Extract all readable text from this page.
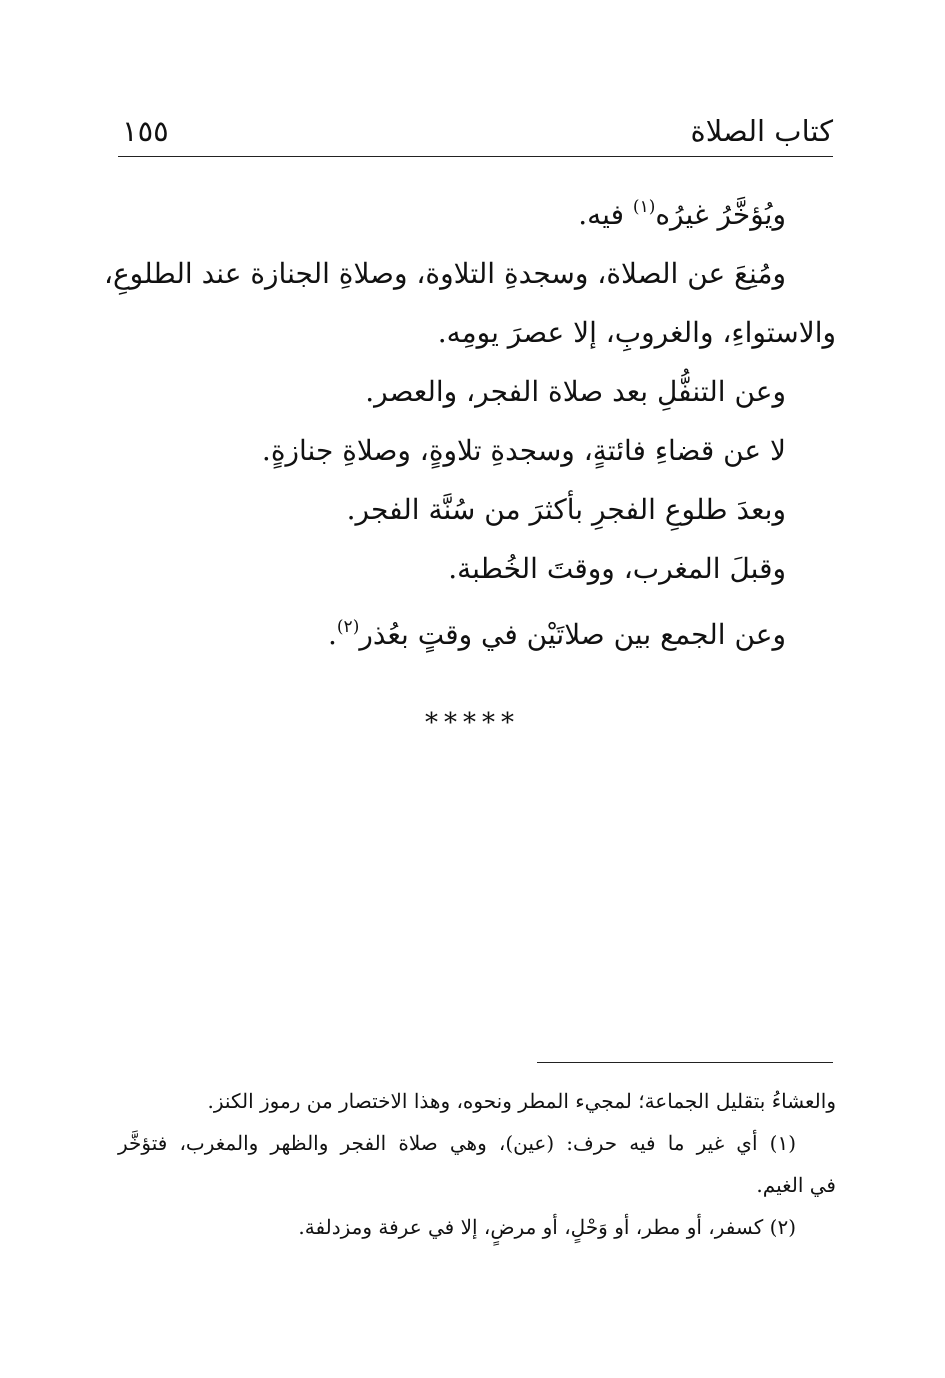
كتاب الصلاة
١٥٥
ويُؤخَّرُ غيرُه$^{(١)}$ فيه.
ومُنِعَ عن الصلاة، وسجدةِ التلاوة، وصلاةِ الجنازة عند الطلوعِ،
والاستواءِ، والغروبِ، إلا عصرَ يومِه.
وعن التنفُّلِ بعد صلاة الفجر، والعصر.
لا عن قضاءِ فائتةٍ، وسجدةِ تلاوةٍ، وصلاةِ جنازةٍ.
وبعدَ طلوعِ الفجرِ بأكثرَ من سُنَّة الفجر.
وقبلَ المغرب، ووقتَ الخُطبة.
وعن الجمع بين صلاتَيْن في وقتٍ بعُذر$^{(٢)}$.
*****
والعشاءُ بتقليل الجماعة؛ لمجيء المطر ونحوه، وهذا الاختصار من رموز الكنز.
(١) أي غير ما فيه حرف: (عين)، وهي صلاة الفجر والظهر والمغرب، فتؤخَّر
في الغيم.
(٢) كسفر، أو مطر، أو وَحْلٍ، أو مرضٍ، إلا في عرفة ومزدلفة.
